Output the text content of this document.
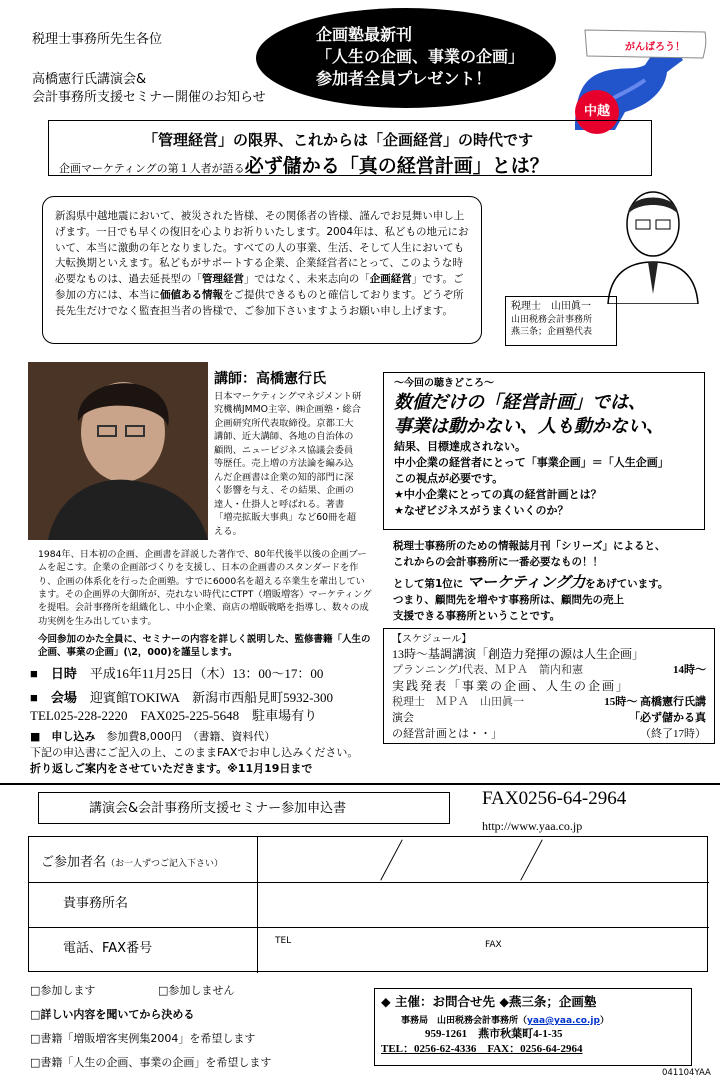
税理士事務所先生各位
高橋憲行氏講演会&
会計事務所支援セミナー開催のお知らせ
企画塾最新刊
「人生の企画、事業の企画」
参加者全員プレゼント！
がんばろう！
中越
「管理経営」の限界、これからは「企画経営」の時代です
企画マーケティングの第１人者が語る必ず儲かる「真の経営計画」とは？
新潟県中越地震において、被災された皆様、その関係者の皆様、謹んでお見舞い申し上げます。一日でも早くの復旧を心よりお祈りいたします。2004年は、私どもの地元において、本当に激動の年となりました。すべての人の事業、生活、そして人生においても大転換期といえます。私どもがサポートする企業、企業経営者にとって、このような時必要なものは、過去延長型の「管理経営」ではなく、未来志向の「企画経営」です。ご参加の方には、本当に価値ある情報をご提供できるものと確信しております。どうぞ所長先生だけでなく監査担当者の皆様で、ご参加下さいますようお願い申し上げます。	税理士　 山田眞一
山田税務会計事務所
燕三条；企画塾代表
講師：高橋憲行氏
日本マーケティングマネジメント研究機構JMMO主宰、㈱企画塾・総合企画研究所代表取締役。京都工大講師、近大講師、各地の自治体の顧問、ニュービジネス協議会委員等歴任。売上増の方法論を編み込んだ企画書は企業の知的部門に深く影響を与え、その結果、企画の達人・仕掛人と呼ばれる。著書「増売拡販大事典」など60冊を超える。
1984年、日本初の企画、企画書を詳説した著作で、80年代後半以後の企画ブームを起こす。企業の企画部づくりを支援し、日本の企画書のスタンダードを作り、企画の体系化を行った企画塾。すでに6000名を超える卒業生を輩出しています。その企画界の大御所が、売れない時代にCTPT（増販増客）マーケティングを提唱。会計事務所を組織化し、中小企業、商店の増販戦略を指導し、数々の成功実例を生み出しています。
～今回の聴きどころ～
数値だけの「経営計画」では、
事業は動かない、人も動かない、
結果、目標達成されない。
中小企業の経営者にとって「事業企画」＝「人生企画」
この視点が必要です。
★中小企業にとっての真の経営計画とは？
★なぜビジネスがうまくいくのか？
税理士事務所のための情報誌月刊「シリーズ」によると、
これからの会計事務所に一番必要なもの！！
として第1位に マーケティング力をあげています。
つまり、顧問先を増やす事務所は、顧問先の売上
支援できる事務所ということです。
【スケジュール】
13時～基調講演「創造力発揮の源は人生企画」
プランニングJ代表、ＭＰＡ　箭内和憲	14時～
実践発表「事業の企画、人生の企画」
税理士　ＭＰＡ　山田眞一	15時～ 高橋憲行氏講
演会	「必ず儲かる真
の経営計画とは・・」	（終了17時）
今回参加のかた全員に、セミナーの内容を詳しく説明した、監修書籍「人生の企画、事業の企画」(\2，000)を謹呈します。
■　日時　 平成16年11月25日（木）13：00～17：00
■　会場　 迎賓館TOKIWA　新潟市西船見町5932-300
TEL025-228-2220　FAX025-225-5648　駐車場有り
■　申し込み　 参加費8,000円　（書籍、資料代）
下記の申込書にご記入の上、このままFAXでお申し込みください。
折り返しご案内をさせていただきます。※11月19日まで
講演会&会計事務所支援セミナー参加申込書	FAX0256-64-2964
http://www.yaa.co.jp
ご参加者名（お一人ずつご記入下さい）
貴事務所名
電話、FAX番号	TEL	FAX
□参加します	□参加しません
□詳しい内容を聞いてから決める
□書籍「増販増客実例集2004」を希望します
□書籍「人生の企画、事業の企画」を希望します
◆ 主催：お問合せ先 ◆燕三条；企画塾
事務局　山田税務会計事務所（yaa@yaa.co.jp）
959-1261　燕市秋葉町4-1-35
TEL：0256-62-4336　FAX：0256-64-2964
041104YAA
